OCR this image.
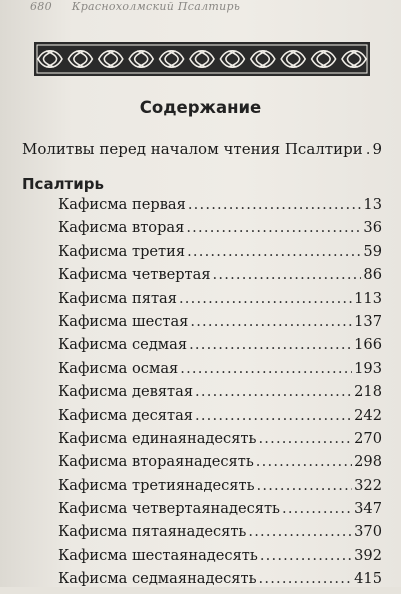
680 Краснохолмский Псалтирь
Содержание
Молитвы перед началом чтения Псалтири ..... 9
Псалтирь
Кафисма первая .....	13
Кафисма вторая .....	36
Кафисма третия .....	59
Кафисма четвертая .....	86
Кафисма пятая .....	113
Кафисма шестая .....	137
Кафисма седмая .....	166
Кафисма осмая .....	193
Кафисма девятая .....	218
Кафисма десятая .....	242
Кафисма единаянадесять .....	270
Кафисма втораянадесять .....	298
Кафисма третиянадесять .....	322
Кафисма четвертаянадесять .....	347
Кафисма пятаянадесять .....	370
Кафисма шестаянадесять .....	392
Кафисма седмаянадесять .....	415
